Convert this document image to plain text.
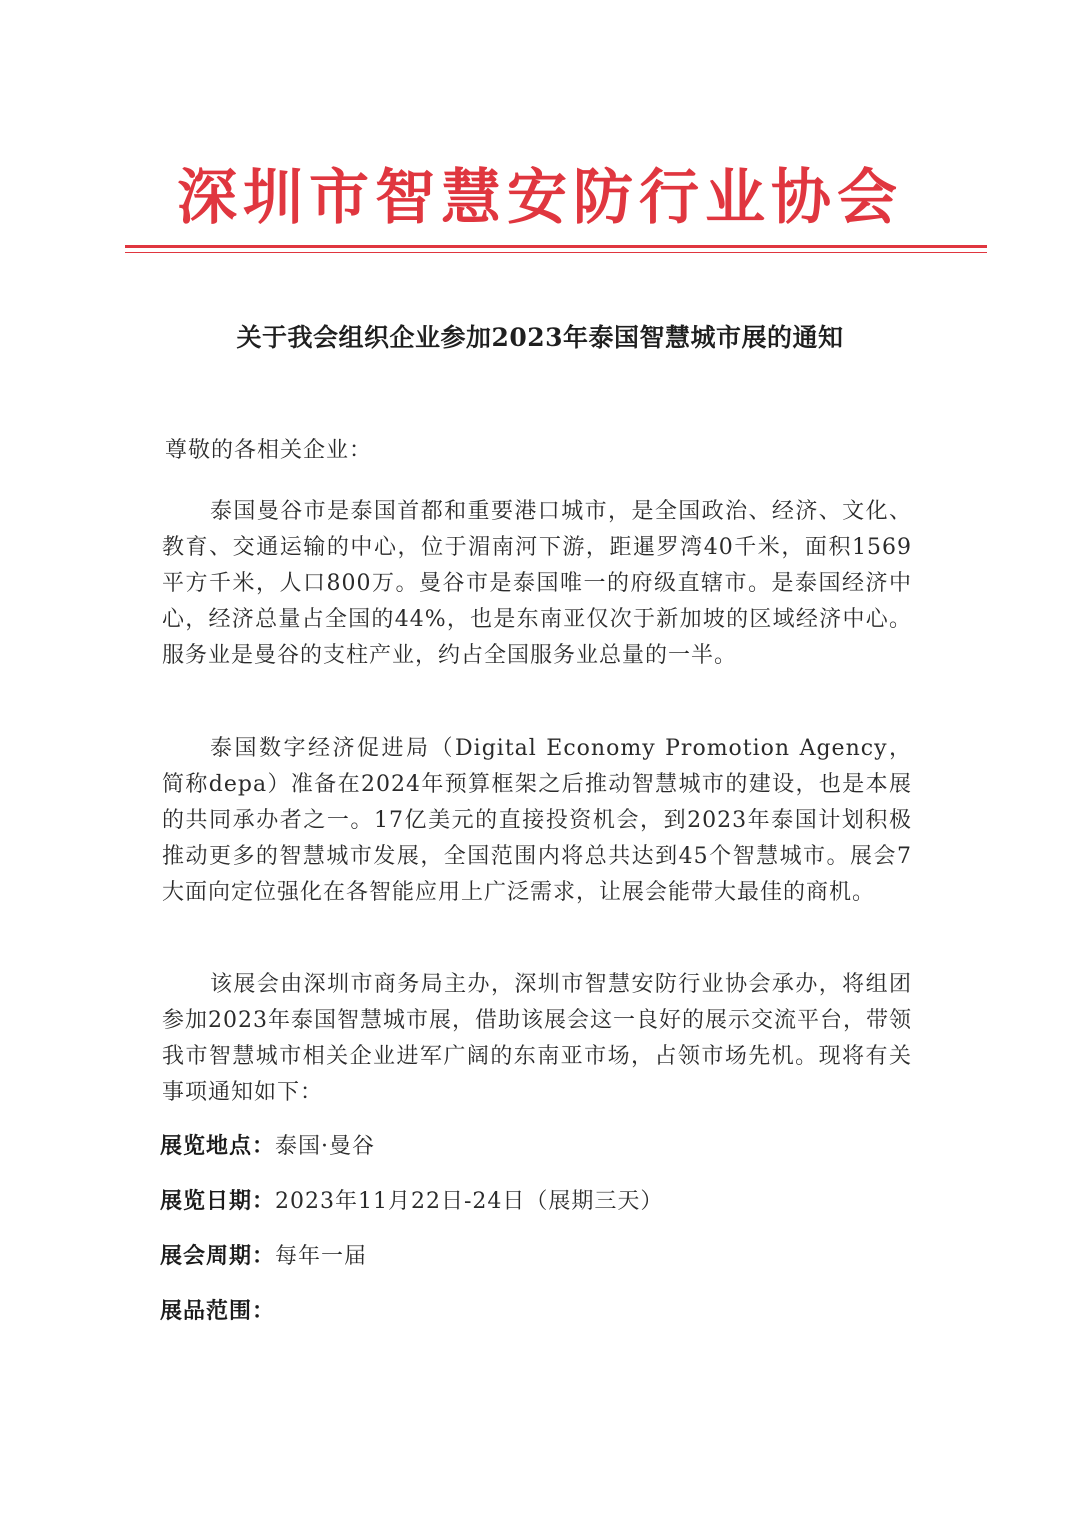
深圳市智慧安防行业协会
关于我会组织企业参加2023年泰国智慧城市展的通知
尊敬的各相关企业：

泰国曼谷市是泰国首都和重要港口城市，是全国政治、经济、文化、教育、交通运输的中心，位于湄南河下游，距暹罗湾40千米，面积1569平方千米，人口800万。曼谷市是泰国唯一的府级直辖市。是泰国经济中心，经济总量占全国的44%，也是东南亚仅次于新加坡的区域经济中心。服务业是曼谷的支柱产业，约占全国服务业总量的一半。

泰国数字经济促进局（Digital Economy Promotion Agency，简称depa）准备在2024年预算框架之后推动智慧城市的建设，也是本展的共同承办者之一。17亿美元的直接投资机会，到2023年泰国计划积极推动更多的智慧城市发展，全国范围内将总共达到45个智慧城市。展会7大面向定位强化在各智能应用上广泛需求，让展会能带大最佳的商机。

该展会由深圳市商务局主办，深圳市智慧安防行业协会承办，将组团参加2023年泰国智慧城市展，借助该展会这一良好的展示交流平台，带领我市智慧城市相关企业进军广阔的东南亚市场，占领市场先机。现将有关事项通知如下：

展览地点：泰国·曼谷
展览日期：2023年11月22日-24日（展期三天）
展会周期：每年一届
展品范围：
